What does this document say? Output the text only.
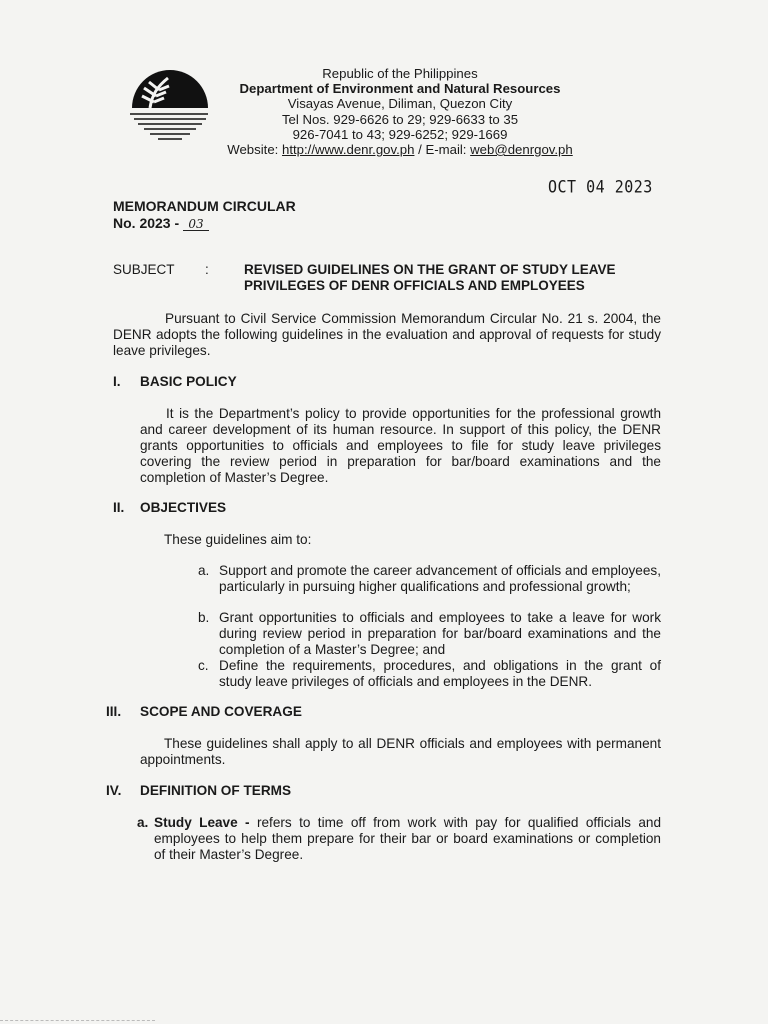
Republic of the Philippines
Department of Environment and Natural Resources
Visayas Avenue, Diliman, Quezon City
Tel Nos. 929-6626 to 29; 929-6633 to 35
926-7041 to 43; 929-6252; 929-1669
Website: http://www.denr.gov.ph / E-mail: web@denrgov.ph
OCT 04 2023
MEMORANDUM CIRCULAR
No. 2023 - 03
SUBJECT :	REVISED GUIDELINES ON THE GRANT OF STUDY LEAVE
PRIVILEGES OF DENR OFFICIALS AND EMPLOYEES
Pursuant to Civil Service Commission Memorandum Circular No. 21 s. 2004, the DENR adopts the following guidelines in the evaluation and approval of requests for study leave privileges.
I. BASIC POLICY
It is the Department’s policy to provide opportunities for the professional growth and career development of its human resource. In support of this policy, the DENR grants opportunities to officials and employees to file for study leave privileges covering the review period in preparation for bar/board examinations and the completion of Master’s Degree.
II. OBJECTIVES
These guidelines aim to:
a. Support and promote the career advancement of officials and employees, particularly in pursuing higher qualifications and professional growth;
b. Grant opportunities to officials and employees to take a leave for work during review period in preparation for bar/board examinations and the completion of a Master’s Degree; and
c. Define the requirements, procedures, and obligations in the grant of study leave privileges of officials and employees in the DENR.
III. SCOPE AND COVERAGE
These guidelines shall apply to all DENR officials and employees with permanent appointments.
IV. DEFINITION OF TERMS
a. Study Leave - refers to time off from work with pay for qualified officials and employees to help them prepare for their bar or board examinations or completion of their Master’s Degree.
